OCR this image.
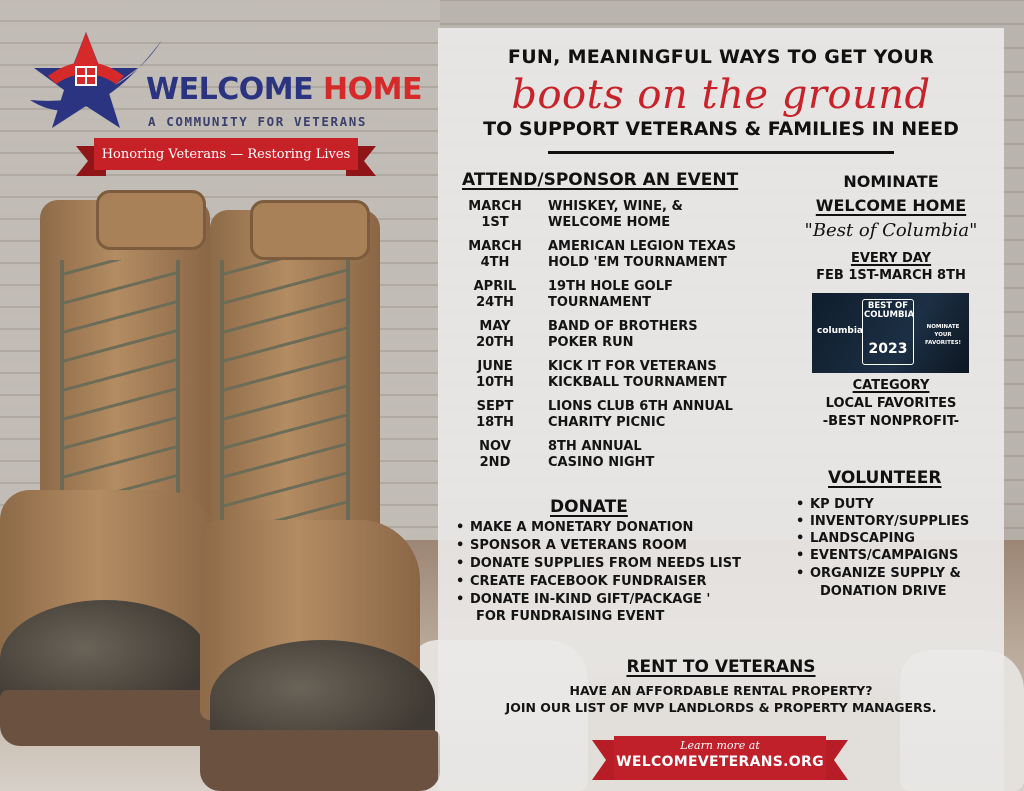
WELCOME HOME
A COMMUNITY FOR VETERANS
Honoring Veterans — Restoring Lives
FUN, MEANINGFUL WAYS TO GET YOUR
boots on the ground
TO SUPPORT VETERANS & FAMILIES IN NEED
ATTEND/SPONSOR AN EVENT
MARCH
1ST
WHISKEY, WINE, &
WELCOME HOME
MARCH
4TH
AMERICAN LEGION TEXAS
HOLD 'EM TOURNAMENT
APRIL
24TH
19TH HOLE GOLF
TOURNAMENT
MAY
20TH
BAND OF BROTHERS
POKER RUN
JUNE
10TH
KICK IT FOR VETERANS
KICKBALL TOURNAMENT
SEPT
18TH
LIONS CLUB 6TH ANNUAL
CHARITY PICNIC
NOV
2ND
8TH ANNUAL
CASINO NIGHT
NOMINATE
WELCOME HOME
"Best of Columbia"
EVERY DAY
FEB 1ST-MARCH 8TH
columbia
BEST OF COLUMBIA
2023
NOMINATE YOUR FAVORITES!
CATEGORY
LOCAL FAVORITES
-BEST NONPROFIT-
VOLUNTEER
• KP DUTY
• INVENTORY/SUPPLIES
• LANDSCAPING
• EVENTS/CAMPAIGNS
• ORGANIZE SUPPLY &
DONATION DRIVE
DONATE
• MAKE A MONETARY DONATION
• SPONSOR A VETERANS ROOM
• DONATE SUPPLIES FROM NEEDS LIST
• CREATE FACEBOOK FUNDRAISER
• DONATE IN-KIND GIFT/PACKAGE '
FOR FUNDRAISING EVENT
RENT TO VETERANS
HAVE AN AFFORDABLE RENTAL PROPERTY?
JOIN OUR LIST OF MVP LANDLORDS & PROPERTY MANAGERS.
Learn more at
WELCOMEVETERANS.ORG
